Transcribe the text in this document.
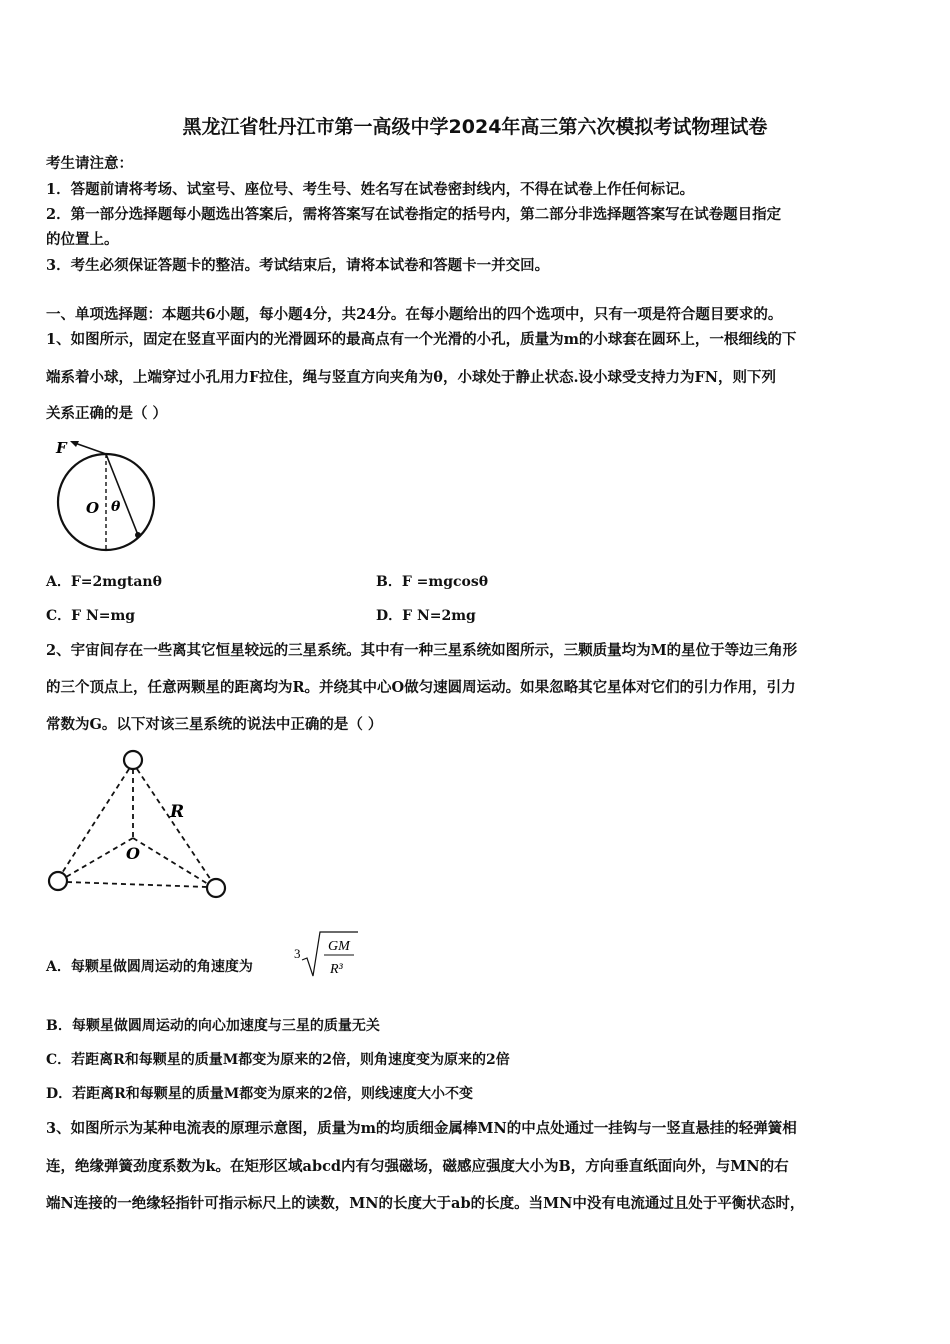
黑龙江省牡丹江市第一高级中学2024年高三第六次模拟考试物理试卷
考生请注意：
1．答题前请将考场、试室号、座位号、考生号、姓名写在试卷密封线内，不得在试卷上作任何标记。
2．第一部分选择题每小题选出答案后，需将答案写在试卷指定的括号内，第二部分非选择题答案写在试卷题目指定
的位置上。
3．考生必须保证答题卡的整洁。考试结束后，请将本试卷和答题卡一并交回。
一、单项选择题：本题共6小题，每小题4分，共24分。在每小题给出的四个选项中，只有一项是符合题目要求的。
1、如图所示，固定在竖直平面内的光滑圆环的最高点有一个光滑的小孔，质量为m的小球套在圆环上，一根细线的下
端系着小球，上端穿过小孔用力F拉住，绳与竖直方向夹角为θ，小球处于静止状态.设小球受支持力为FN，则下列
关系正确的是（ ）
F
O θ
A．F=2mgtanθ	B．F =mgcosθ
C．F N=mg	D．F N=2mg
2、宇宙间存在一些离其它恒星较远的三星系统。其中有一种三星系统如图所示，三颗质量均为M的星位于等边三角形
的三个顶点上，任意两颗星的距离均为R。并绕其中心O做匀速圆周运动。如果忽略其它星体对它们的引力作用，引力
常数为G。以下对该三星系统的说法中正确的是（ ）
R
O
A．每颗星做圆周运动的角速度为
3 GM
R³
B．每颗星做圆周运动的向心加速度与三星的质量无关
C．若距离R和每颗星的质量M都变为原来的2倍，则角速度变为原来的2倍
D．若距离R和每颗星的质量M都变为原来的2倍，则线速度大小不变
3、如图所示为某种电流表的原理示意图，质量为m的均质细金属棒MN的中点处通过一挂钩与一竖直悬挂的轻弹簧相
连，绝缘弹簧劲度系数为k。在矩形区域abcd内有匀强磁场，磁感应强度大小为B，方向垂直纸面向外，与MN的右
端N连接的一绝缘轻指针可指示标尺上的读数，MN的长度大于ab的长度。当MN中没有电流通过且处于平衡状态时，
